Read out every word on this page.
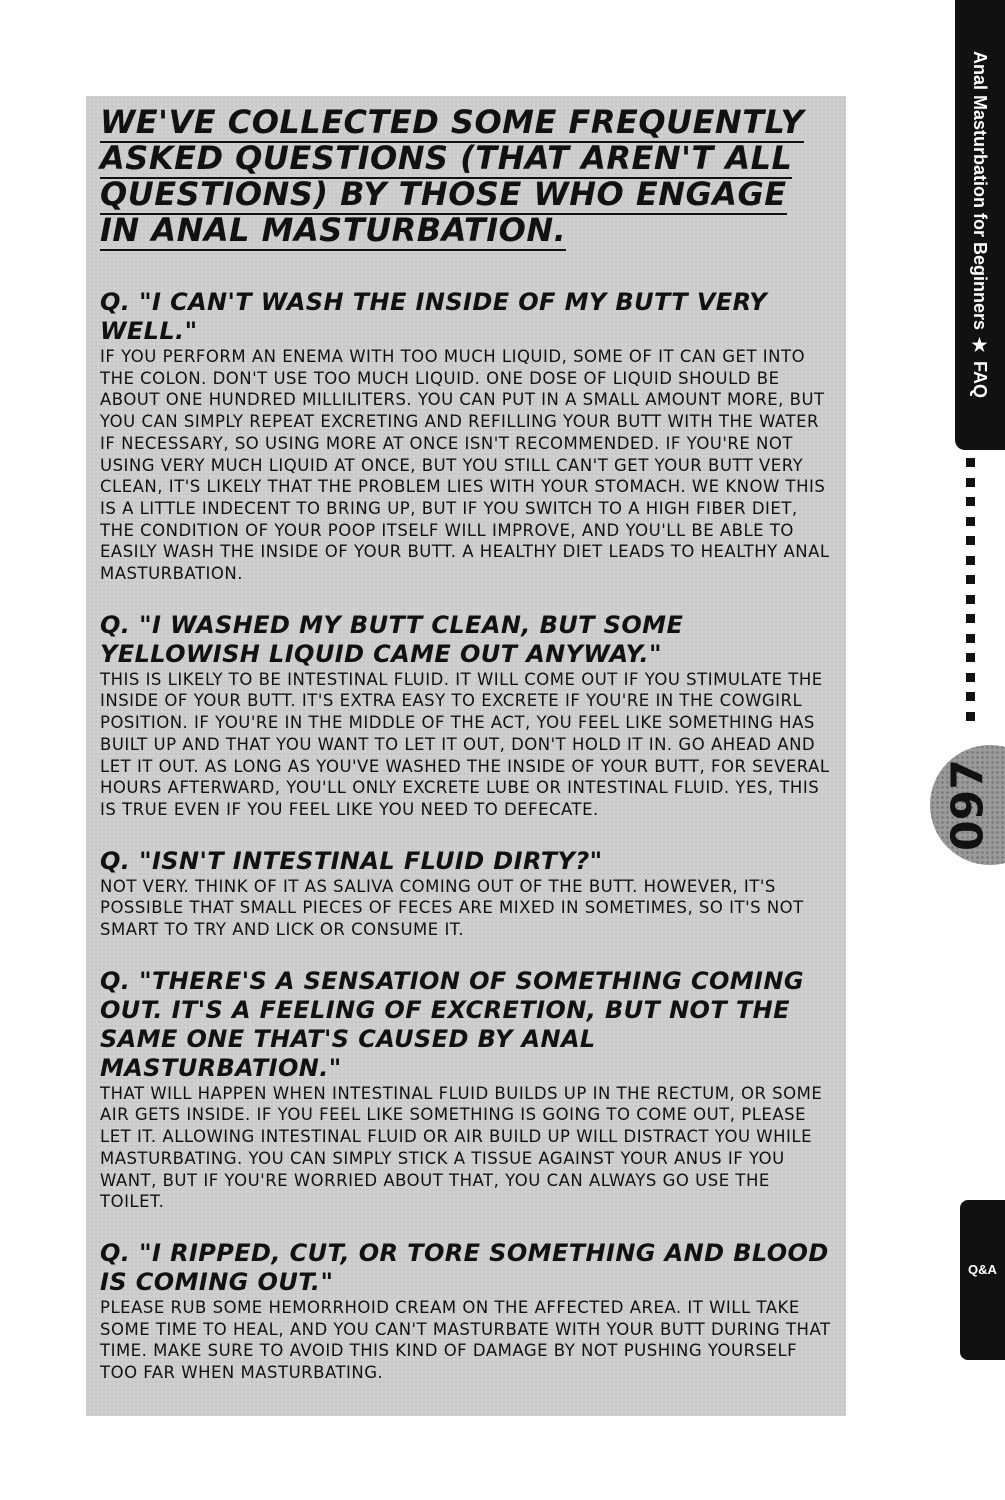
WE'VE COLLECTED SOME FREQUENTLY ASKED QUESTIONS (THAT AREN'T ALL QUESTIONS) BY THOSE WHO ENGAGE IN ANAL MASTURBATION.
Q. "I CAN'T WASH THE INSIDE OF MY BUTT VERY WELL."

IF YOU PERFORM AN ENEMA WITH TOO MUCH LIQUID, SOME OF IT CAN GET INTO THE COLON. DON'T USE TOO MUCH LIQUID. ONE DOSE OF LIQUID SHOULD BE ABOUT ONE HUNDRED MILLILITERS. YOU CAN PUT IN A SMALL AMOUNT MORE, BUT YOU CAN SIMPLY REPEAT EXCRETING AND REFILLING YOUR BUTT WITH THE WATER IF NECESSARY, SO USING MORE AT ONCE ISN'T RECOMMENDED. IF YOU'RE NOT USING VERY MUCH LIQUID AT ONCE, BUT YOU STILL CAN'T GET YOUR BUTT VERY CLEAN, IT'S LIKELY THAT THE PROBLEM LIES WITH YOUR STOMACH. WE KNOW THIS IS A LITTLE INDECENT TO BRING UP, BUT IF YOU SWITCH TO A HIGH FIBER DIET, THE CONDITION OF YOUR POOP ITSELF WILL IMPROVE, AND YOU'LL BE ABLE TO EASILY WASH THE INSIDE OF YOUR BUTT. A HEALTHY DIET LEADS TO HEALTHY ANAL MASTURBATION.

Q. "I WASHED MY BUTT CLEAN, BUT SOME YELLOWISH LIQUID CAME OUT ANYWAY."

THIS IS LIKELY TO BE INTESTINAL FLUID. IT WILL COME OUT IF YOU STIMULATE THE INSIDE OF YOUR BUTT. IT'S EXTRA EASY TO EXCRETE IF YOU'RE IN THE COWGIRL POSITION. IF YOU'RE IN THE MIDDLE OF THE ACT, YOU FEEL LIKE SOMETHING HAS BUILT UP AND THAT YOU WANT TO LET IT OUT, DON'T HOLD IT IN. GO AHEAD AND LET IT OUT. AS LONG AS YOU'VE WASHED THE INSIDE OF YOUR BUTT, FOR SEVERAL HOURS AFTERWARD, YOU'LL ONLY EXCRETE LUBE OR INTESTINAL FLUID. YES, THIS IS TRUE EVEN IF YOU FEEL LIKE YOU NEED TO DEFECATE.

Q. "ISN'T INTESTINAL FLUID DIRTY?"

NOT VERY. THINK OF IT AS SALIVA COMING OUT OF THE BUTT. HOWEVER, IT'S POSSIBLE THAT SMALL PIECES OF FECES ARE MIXED IN SOMETIMES, SO IT'S NOT SMART TO TRY AND LICK OR CONSUME IT.

Q. "THERE'S A SENSATION OF SOMETHING COMING OUT. IT'S A FEELING OF EXCRETION, BUT NOT THE SAME ONE THAT'S CAUSED BY ANAL MASTURBATION."

THAT WILL HAPPEN WHEN INTESTINAL FLUID BUILDS UP IN THE RECTUM, OR SOME AIR GETS INSIDE. IF YOU FEEL LIKE SOMETHING IS GOING TO COME OUT, PLEASE LET IT. ALLOWING INTESTINAL FLUID OR AIR BUILD UP WILL DISTRACT YOU WHILE MASTURBATING. YOU CAN SIMPLY STICK A TISSUE AGAINST YOUR ANUS IF YOU WANT, BUT IF YOU'RE WORRIED ABOUT THAT, YOU CAN ALWAYS GO USE THE TOILET.

Q. "I RIPPED, CUT, OR TORE SOMETHING AND BLOOD IS COMING OUT."

PLEASE RUB SOME HEMORRHOID CREAM ON THE AFFECTED AREA. IT WILL TAKE SOME TIME TO HEAL, AND YOU CAN'T MASTURBATE WITH YOUR BUTT DURING THAT TIME. MAKE SURE TO AVOID THIS KIND OF DAMAGE BY NOT PUSHING YOURSELF TOO FAR WHEN MASTURBATING.

Anal Masturbation for Beginners ★ FAQ
097
Q&A
